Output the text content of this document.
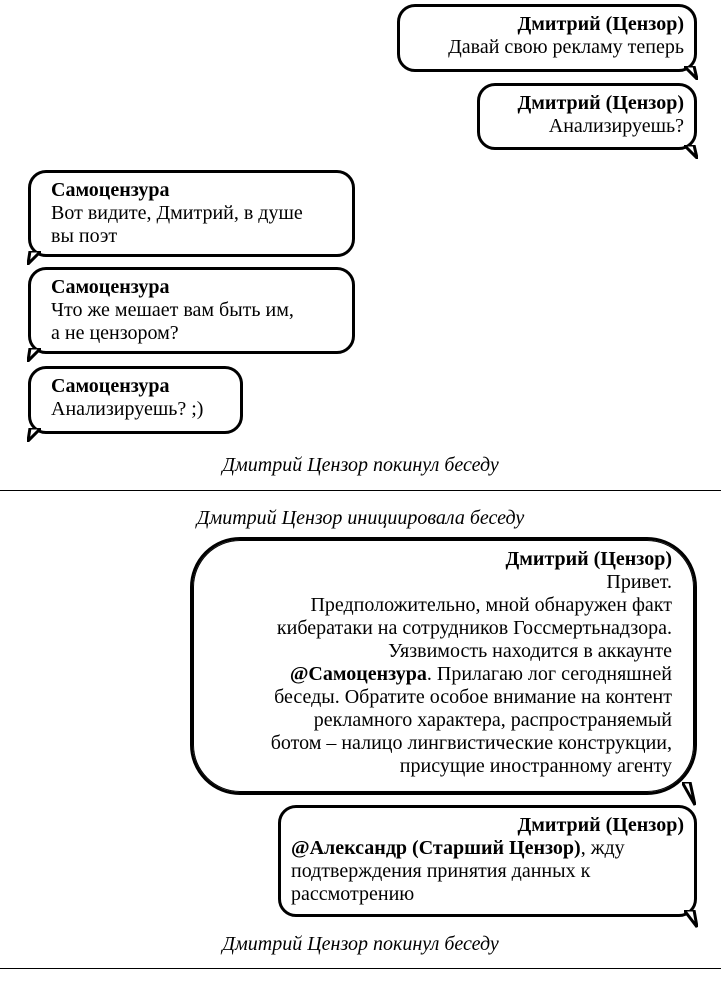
Дмитрий (Цензор)
Давай свою рекламу теперь
Дмитрий (Цензор)
Анализируешь?
Самоцензура
Вот видите, Дмитрий, в душе
вы поэт
Самоцензура
Что же мешает вам быть им,
а не цензором?
Самоцензура
Анализируешь? ;)
Дмитрий Цензор покинул беседу
Дмитрий Цензор инициировала беседу
Дмитрий (Цензор)
Привет.
Предположительно, мной обнаружен факт
кибератаки на сотрудников Госсмертьнадзора.
Уязвимость находится в аккаунте
@Самоцензура. Прилагаю лог сегодняшней
беседы. Обратите особое внимание на контент
рекламного характера, распространяемый
ботом – налицо лингвистические конструкции,
присущие иностранному агенту
Дмитрий (Цензор)
@Александр (Старший Цензор), жду
подтверждения принятия данных к
рассмотрению
Дмитрий Цензор покинул беседу
